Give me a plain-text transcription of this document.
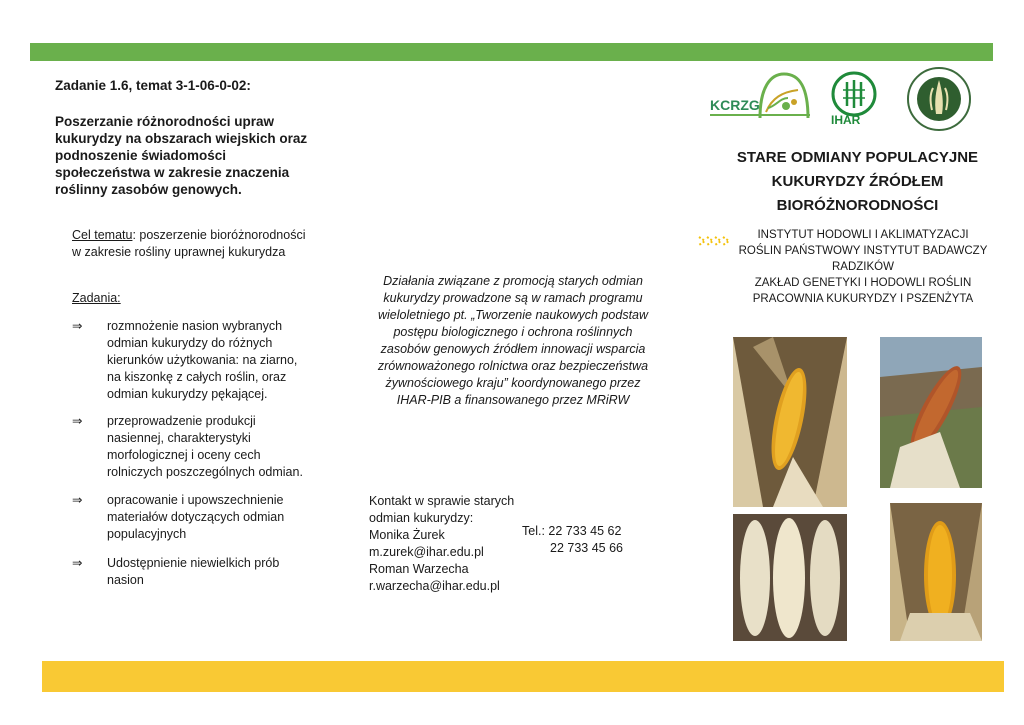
Zadanie 1.6, temat 3-1-06-0-02:
Poszerzanie różnorodności upraw kukurydzy na obszarach wiejskich oraz podnoszenie świadomości społeczeństwa w zakresie znaczenia roślinny zasobów genowych.
Cel tematu: poszerzenie bioróżnorodności w zakresie rośliny uprawnej kukurydza
Zadania:
⇒ rozmnożenie nasion wybranych odmian kukurydzy do różnych kierunków użytkowania: na ziarno, na kiszonkę z całych roślin, oraz odmian kukurydzy pękającej.
⇒ przeprowadzenie produkcji nasiennej, charakterystyki morfologicznej i oceny cech rolniczych poszczególnych odmian.
⇒ opracowanie i upowszechnienie materiałów dotyczących odmian populacyjnych
⇒ Udostępnienie niewielkich prób nasion
Działania związane z promocją starych odmian kukurydzy prowadzone są w ramach programu wieloletniego pt. „Tworzenie naukowych podstaw postępu biologicznego i ochrona roślinnych zasobów genowych źródłem innowacji wsparcia zrównoważonego rolnictwa oraz bezpieczeństwa żywnościowego kraju” koordynowanego przez IHAR-PIB a finansowanego przez MRiRW
Kontakt w sprawie starych odmian kukurydzy:
Monika Żurek
m.zurek@ihar.edu.pl
Roman Warzecha
r.warzecha@ihar.edu.pl
Tel.: 22 733 45 62
22 733 45 66
KCRZG
IHAR
STARE ODMIANY POPULACYJNE
KUKURYDZY ŹRÓDŁEM
BIORÓŻNORODNOŚCI
INSTYTUT HODOWLI I AKLIMATYZACJI
ROŚLIN PAŃSTWOWY INSTYTUT BADAWCZY
RADZIKÓW
ZAKŁAD GENETYKI I HODOWLI ROŚLIN
PRACOWNIA KUKURYDZY I PSZENŻYTA
